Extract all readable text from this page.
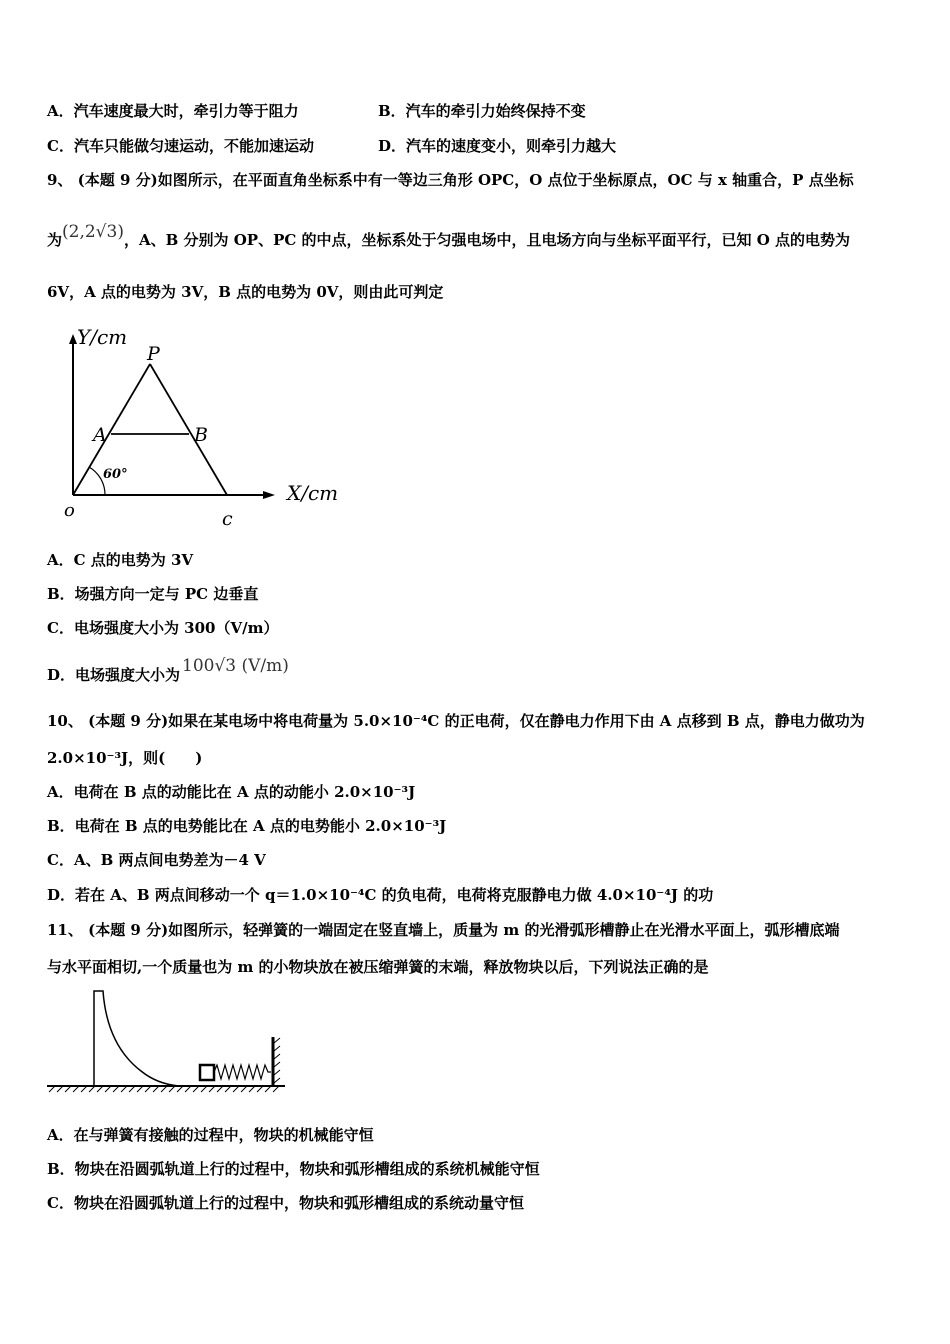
A．汽车速度最大时，牵引力等于阻力	B．汽车的牵引力始终保持不变
C．汽车只能做匀速运动，不能加速运动	D．汽车的速度变小，则牵引力越大
9、 (本题 9 分)如图所示，在平面直角坐标系中有一等边三角形 OPC，O 点位于坐标原点，OC 与 x 轴重合，P 点坐标
为(2,2√3)，A、B 分别为 OP、PC 的中点，坐标系处于匀强电场中，且电场方向与坐标平面平行，已知 O 点的电势为
6V，A 点的电势为 3V，B 点的电势为 0V，则由此可判定
Y/cm
X/cm
P
A	B
o	c
60°
A．C 点的电势为 3V
B．场强方向一定与 PC 边垂直
C．电场强度大小为 300（V/m）
D．电场强度大小为 100√3 (V/m)
10、 (本题 9 分)如果在某电场中将电荷量为 5.0×10⁻⁴C 的正电荷，仅在静电力作用下由 A 点移到 B 点，静电力做功为
2.0×10⁻³J，则(　　)
A．电荷在 B 点的动能比在 A 点的动能小 2.0×10⁻³J
B．电荷在 B 点的电势能比在 A 点的电势能小 2.0×10⁻³J
C．A、B 两点间电势差为－4 V
D．若在 A、B 两点间移动一个 q＝1.0×10⁻⁴C 的负电荷，电荷将克服静电力做 4.0×10⁻⁴J 的功
11、 (本题 9 分)如图所示，轻弹簧的一端固定在竖直墙上，质量为 m 的光滑弧形槽静止在光滑水平面上，弧形槽底端
与水平面相切,一个质量也为 m 的小物块放在被压缩弹簧的末端，释放物块以后，下列说法正确的是
A．在与弹簧有接触的过程中，物块的机械能守恒
B．物块在沿圆弧轨道上行的过程中，物块和弧形槽组成的系统机械能守恒
C．物块在沿圆弧轨道上行的过程中，物块和弧形槽组成的系统动量守恒
